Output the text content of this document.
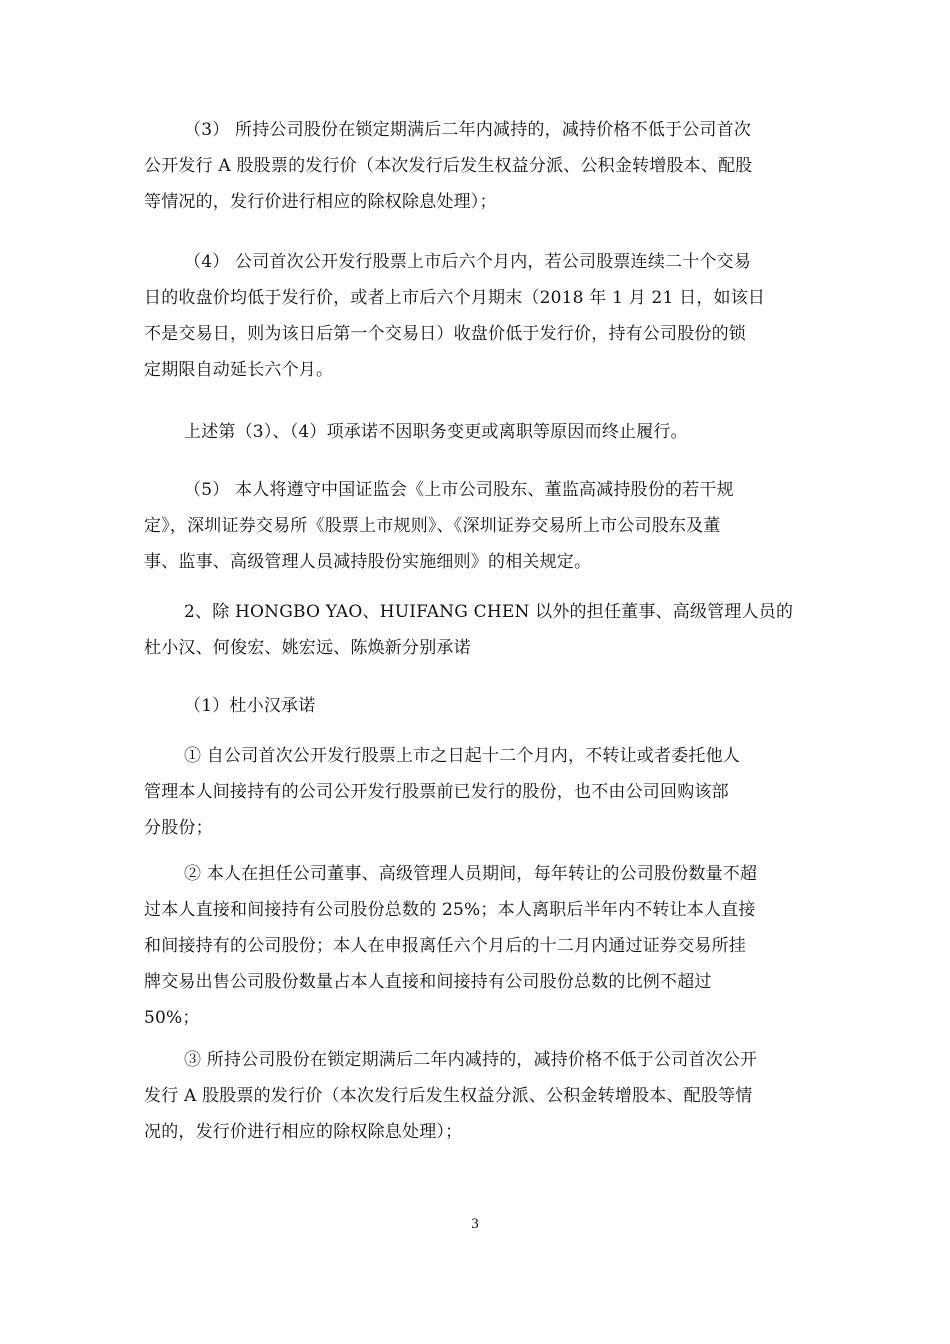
（3） 所持公司股份在锁定期满后二年内减持的，减持价格不低于公司首次
公开发行 A 股股票的发行价（本次发行后发生权益分派、公积金转增股本、配股
等情况的，发行价进行相应的除权除息处理）；

（4） 公司首次公开发行股票上市后六个月内，若公司股票连续二十个交易
日的收盘价均低于发行价，或者上市后六个月期末（2018 年 1 月 21 日，如该日
不是交易日，则为该日后第一个交易日）收盘价低于发行价，持有公司股份的锁
定期限自动延长六个月。

上述第（3）、（4）项承诺不因职务变更或离职等原因而终止履行。

（5） 本人将遵守中国证监会《上市公司股东、董监高减持股份的若干规
定》，深圳证券交易所《股票上市规则》、《深圳证券交易所上市公司股东及董
事、监事、高级管理人员减持股份实施细则》的相关规定。

2、除 HONGBO YAO、HUIFANG CHEN 以外的担任董事、高级管理人员的
杜小汉、何俊宏、姚宏远、陈焕新分别承诺

（1）杜小汉承诺

① 自公司首次公开发行股票上市之日起十二个月内，不转让或者委托他人
管理本人间接持有的公司公开发行股票前已发行的股份，也不由公司回购该部
分股份；

② 本人在担任公司董事、高级管理人员期间，每年转让的公司股份数量不超
过本人直接和间接持有公司股份总数的 25%；本人离职后半年内不转让本人直接
和间接持有的公司股份；本人在申报离任六个月后的十二月内通过证券交易所挂
牌交易出售公司股份数量占本人直接和间接持有公司股份总数的比例不超过
50%；

③ 所持公司股份在锁定期满后二年内减持的，减持价格不低于公司首次公开
发行 A 股股票的发行价（本次发行后发生权益分派、公积金转增股本、配股等情
况的，发行价进行相应的除权除息处理）；

3
